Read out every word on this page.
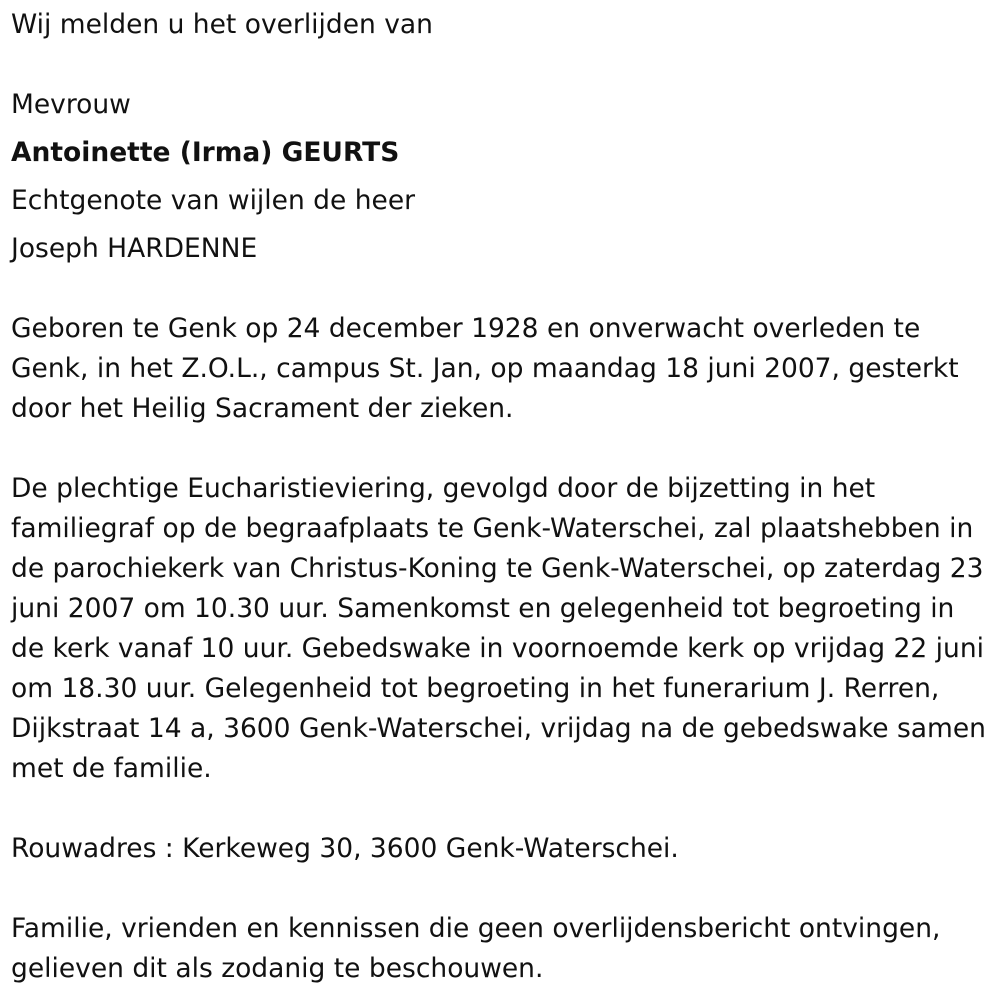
Wij melden u het overlijden van
Mevrouw
Antoinette (Irma) GEURTS
Echtgenote van wijlen de heer
Joseph HARDENNE
Geboren te Genk op 24 december 1928 en onverwacht overleden te
Genk, in het Z.O.L., campus St. Jan, op maandag 18 juni 2007, gesterkt
door het Heilig Sacrament der zieken.
De plechtige Eucharistieviering, gevolgd door de bijzetting in het
familiegraf op de begraafplaats te Genk-Waterschei, zal plaatshebben in
de parochiekerk van Christus-Koning te Genk-Waterschei, op zaterdag 23
juni 2007 om 10.30 uur. Samenkomst en gelegenheid tot begroeting in
de kerk vanaf 10 uur. Gebedswake in voornoemde kerk op vrijdag 22 juni
om 18.30 uur. Gelegenheid tot begroeting in het funerarium J. Rerren,
Dijkstraat 14 a, 3600 Genk-Waterschei, vrijdag na de gebedswake samen
met de familie.
Rouwadres : Kerkeweg 30, 3600 Genk-Waterschei.
Familie, vrienden en kennissen die geen overlijdensbericht ontvingen,
gelieven dit als zodanig te beschouwen.
